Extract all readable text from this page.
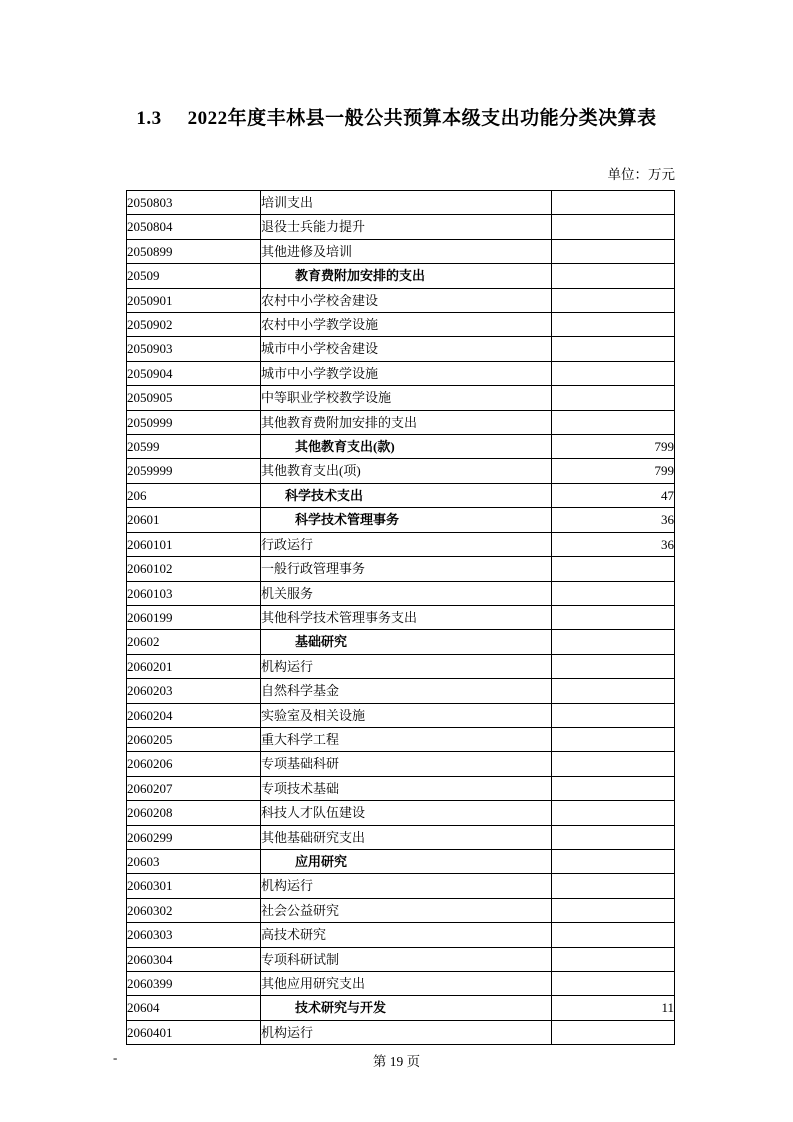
1.3 2022年度丰林县一般公共预算本级支出功能分类决算表
单位：万元
2050803	培训支出	
2050804	退役士兵能力提升	
2050899	其他进修及培训	
20509	教育费附加安排的支出	
2050901	农村中小学校舍建设	
2050902	农村中小学教学设施	
2050903	城市中小学校舍建设	
2050904	城市中小学教学设施	
2050905	中等职业学校教学设施	
2050999	其他教育费附加安排的支出	
20599	其他教育支出(款)	799
2059999	其他教育支出(项)	799
206	科学技术支出	47
20601	科学技术管理事务	36
2060101	行政运行	36
2060102	一般行政管理事务	
2060103	机关服务	
2060199	其他科学技术管理事务支出	
20602	基础研究	
2060201	机构运行	
2060203	自然科学基金	
2060204	实验室及相关设施	
2060205	重大科学工程	
2060206	专项基础科研	
2060207	专项技术基础	
2060208	科技人才队伍建设	
2060299	其他基础研究支出	
20603	应用研究	
2060301	机构运行	
2060302	社会公益研究	
2060303	高技术研究	
2060304	专项科研试制	
2060399	其他应用研究支出	
20604	技术研究与开发	11
2060401	机构运行	
-	第 19 页
